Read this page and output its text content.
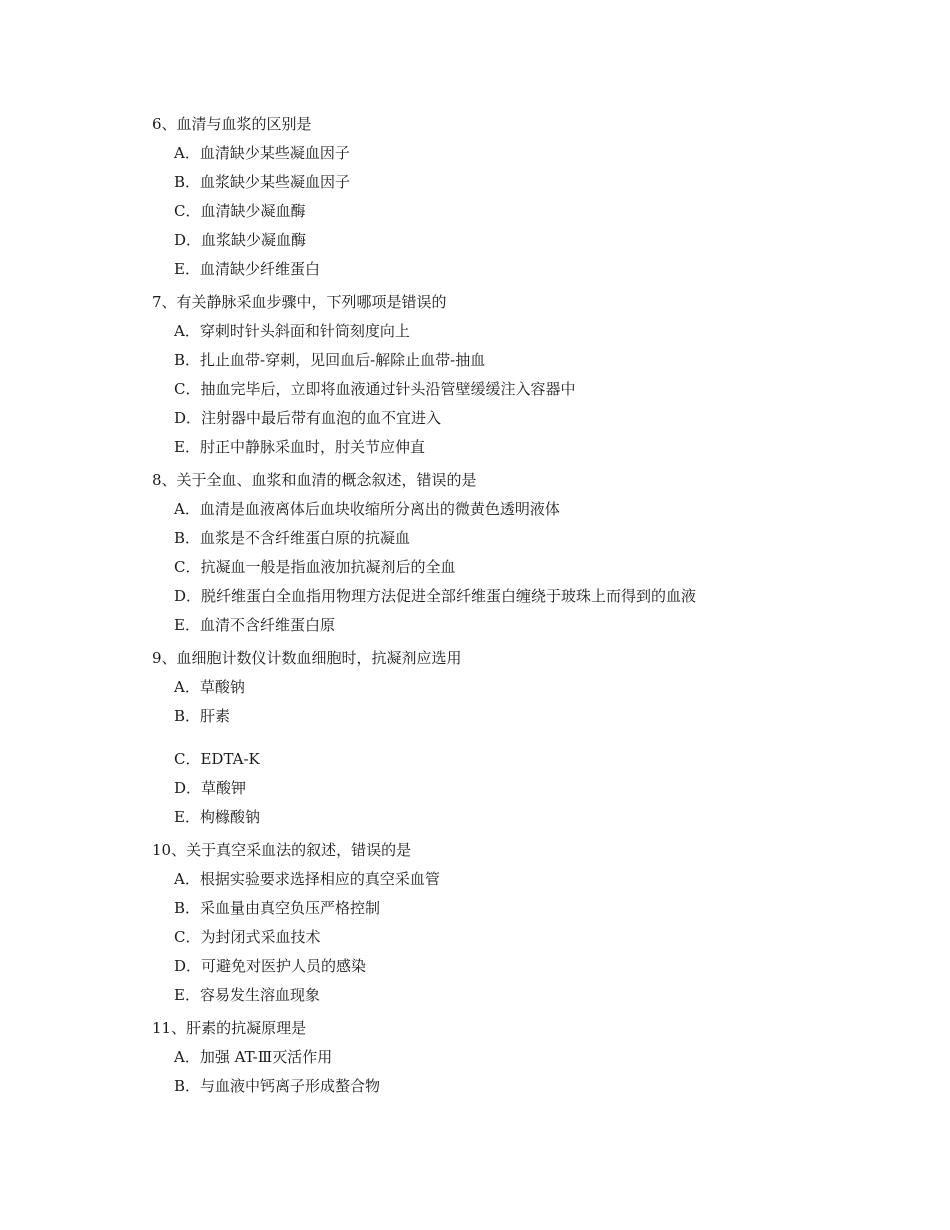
6、血清与血浆的区别是
A．血清缺少某些凝血因子
B．血浆缺少某些凝血因子
C．血清缺少凝血酶
D．血浆缺少凝血酶
E．血清缺少纤维蛋白
7、有关静脉采血步骤中，下列哪项是错误的
A．穿刺时针头斜面和针筒刻度向上
B．扎止血带-穿刺，见回血后-解除止血带-抽血
C．抽血完毕后，立即将血液通过针头沿管壁缓缓注入容器中
D．注射器中最后带有血泡的血不宜进入
E．肘正中静脉采血时，肘关节应伸直
8、关于全血、血浆和血清的概念叙述，错误的是
A．血清是血液离体后血块收缩所分离出的微黄色透明液体
B．血浆是不含纤维蛋白原的抗凝血
C．抗凝血一般是指血液加抗凝剂后的全血
D．脱纤维蛋白全血指用物理方法促进全部纤维蛋白缠绕于玻珠上而得到的血液
E．血清不含纤维蛋白原
9、血细胞计数仪计数血细胞时，抗凝剂应选用
A．草酸钠
B．肝素
C．EDTA-K
D．草酸钾
E．枸橼酸钠
10、关于真空采血法的叙述，错误的是
A．根据实验要求选择相应的真空采血管
B．采血量由真空负压严格控制
C．为封闭式采血技术
D．可避免对医护人员的感染
E．容易发生溶血现象
11、肝素的抗凝原理是
A．加强 AT-Ⅲ灭活作用
B．与血液中钙离子形成螯合物
